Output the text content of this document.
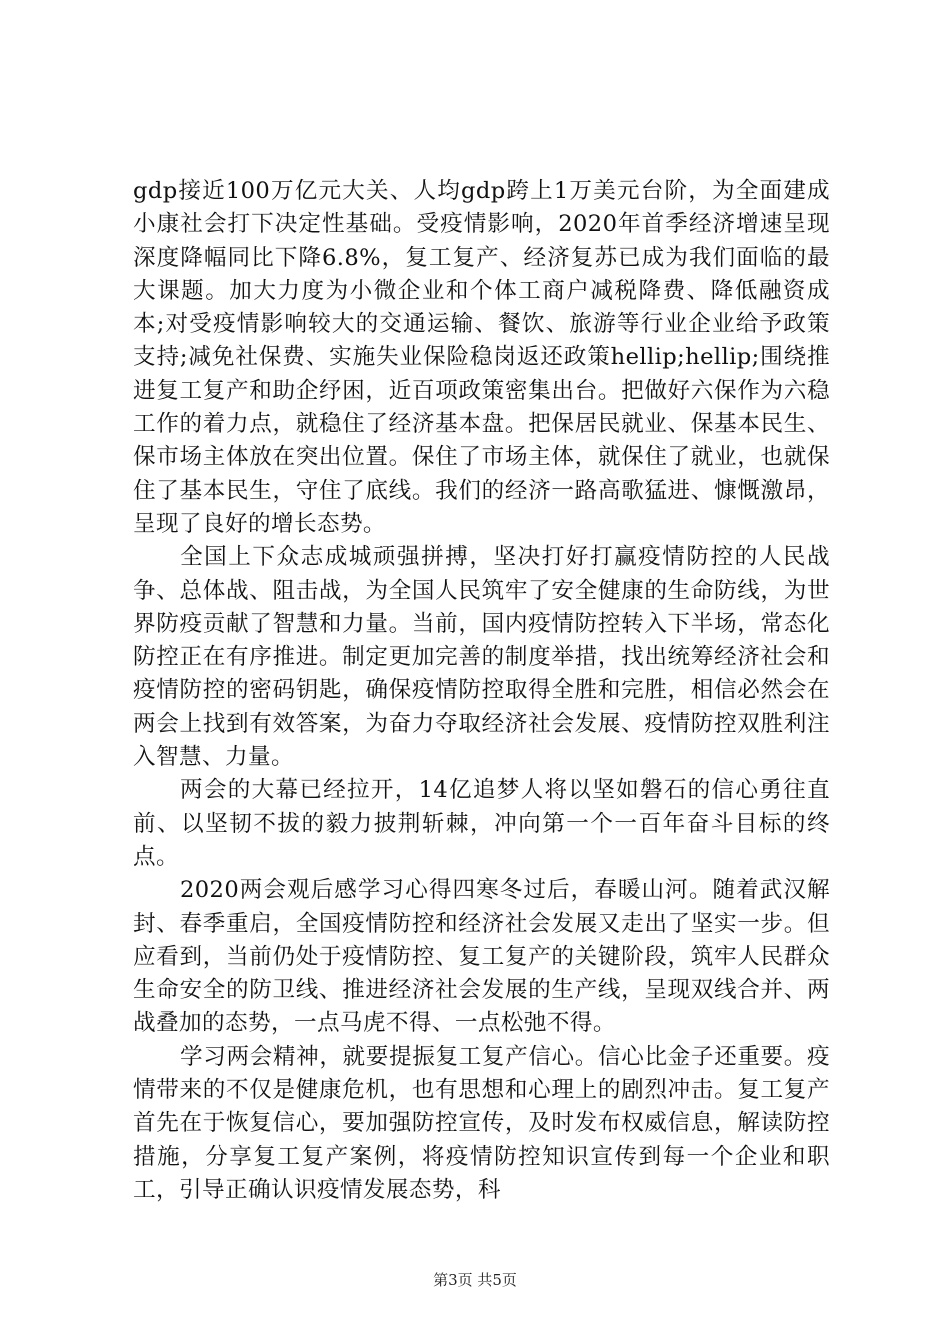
gdp接近100万亿元大关、人均gdp跨上1万美元台阶，为全面建成小康社会打下决定性基础。受疫情影响，2020年首季经济增速呈现深度降幅同比下降6.8%，复工复产、经济复苏已成为我们面临的最大课题。加大力度为小微企业和个体工商户减税降费、降低融资成本;对受疫情影响较大的交通运输、餐饮、旅游等行业企业给予政策支持;减免社保费、实施失业保险稳岗返还政策hellip;hellip;围绕推进复工复产和助企纾困，近百项政策密集出台。把做好六保作为六稳工作的着力点，就稳住了经济基本盘。把保居民就业、保基本民生、保市场主体放在突出位置。保住了市场主体，就保住了就业，也就保住了基本民生，守住了底线。我们的经济一路高歌猛进、慷慨激昂，呈现了良好的增长态势。

全国上下众志成城顽强拼搏，坚决打好打赢疫情防控的人民战争、总体战、阻击战，为全国人民筑牢了安全健康的生命防线，为世界防疫贡献了智慧和力量。当前，国内疫情防控转入下半场，常态化防控正在有序推进。制定更加完善的制度举措，找出统筹经济社会和疫情防控的密码钥匙，确保疫情防控取得全胜和完胜，相信必然会在两会上找到有效答案，为奋力夺取经济社会发展、疫情防控双胜利注入智慧、力量。

两会的大幕已经拉开，14亿追梦人将以坚如磐石的信心勇往直前、以坚韧不拔的毅力披荆斩棘，冲向第一个一百年奋斗目标的终点。

2020两会观后感学习心得四寒冬过后，春暖山河。随着武汉解封、春季重启，全国疫情防控和经济社会发展又走出了坚实一步。但应看到，当前仍处于疫情防控、复工复产的关键阶段，筑牢人民群众生命安全的防卫线、推进经济社会发展的生产线，呈现双线合并、两战叠加的态势，一点马虎不得、一点松弛不得。

学习两会精神，就要提振复工复产信心。信心比金子还重要。疫情带来的不仅是健康危机，也有思想和心理上的剧烈冲击。复工复产首先在于恢复信心，要加强防控宣传，及时发布权威信息，解读防控措施，分享复工复产案例，将疫情防控知识宣传到每一个企业和职工，引导正确认识疫情发展态势，科

第3页 共5页
